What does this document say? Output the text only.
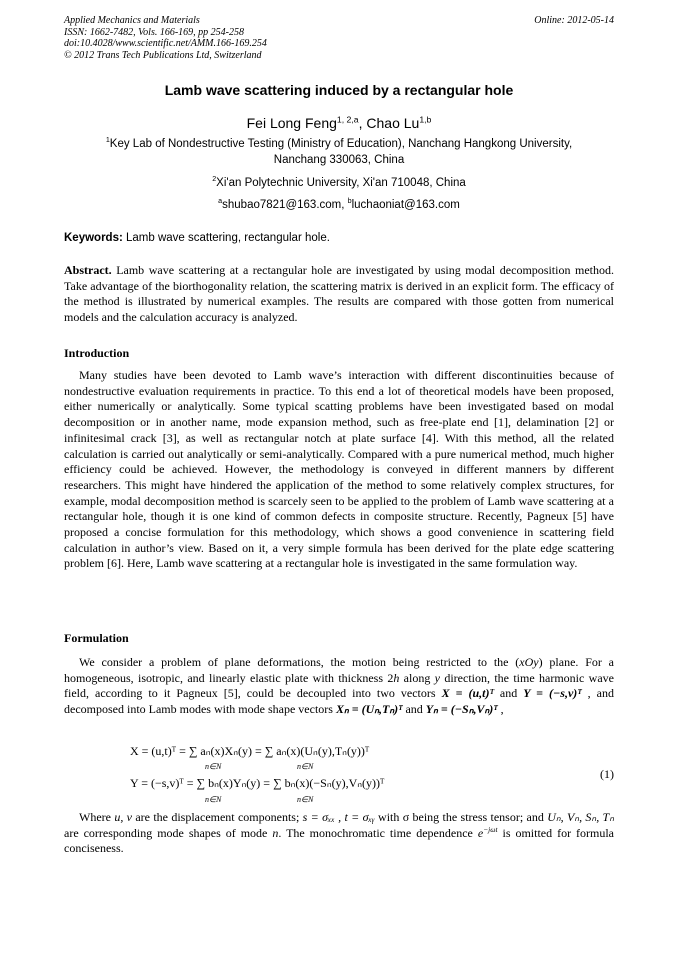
Applied Mechanics and Materials
ISSN: 1662-7482, Vols. 166-169, pp 254-258
doi:10.4028/www.scientific.net/AMM.166-169.254
© 2012 Trans Tech Publications Ltd, Switzerland
Online: 2012-05-14
Lamb wave scattering induced by a rectangular hole
Fei Long Feng$^{1, 2,a}$, Chao Lu$^{1,b}$
$^1$Key Lab of Nondestructive Testing (Ministry of Education), Nanchang Hangkong University,
Nanchang 330063, China
$^2$Xi'an Polytechnic University, Xi'an 710048, China
$^a$shubao7821@163.com, $^b$luchaoniat@163.com
Keywords: Lamb wave scattering, rectangular hole.
Abstract. Lamb wave scattering at a rectangular hole are investigated by using modal decomposition method. Take advantage of the biorthogonality relation, the scattering matrix is derived in an explicit form. The efficacy of the method is illustrated by numerical examples. The results are compared with those gotten from numerical models and the calculation accuracy is analyzed.
Introduction
Many studies have been devoted to Lamb wave’s interaction with different discontinuities because of nondestructive evaluation requirements in practice. To this end a lot of theoretical models have been proposed, either numerically or analytically. Some typical scatting problems have been investigated based on modal decomposition or in another name, mode expansion method, such as free-plate end [1], delamination [2] or infinitesimal crack [3], as well as rectangular notch at plate surface [4]. With this method, all the related calculation is carried out analytically or semi-analytically. Compared with a pure numerical method, much higher efficiency could be achieved. However, the methodology is conveyed in different manners by different researchers. This might have hindered the application of the method to some relatively complex structures, for example, modal decomposition method is scarcely seen to be applied to the problem of Lamb wave scattering at a rectangular hole, though it is one kind of common defects in composite structure. Recently, Pagneux [5] have proposed a concise formulation for this methodology, which shows a good convenience in scattering field calculation in author’s view. Based on it, a very simple formula has been derived for the plate edge scattering problem [6]. Here, Lamb wave scattering at a rectangular hole is investigated in the same formulation way.
Formulation
We consider a problem of plane deformations, the motion being restricted to the (xOy) plane. For a homogeneous, isotropic, and linearly elastic plate with thickness 2h along y direction, the time harmonic wave field, according to it Pagneux [5], could be decoupled into two vectors X = (u,t)ᵀ and Y = (−s,v)ᵀ , and decomposed into Lamb modes with mode shape vectors Xₙ = (Uₙ,Tₙ)ᵀ and Yₙ = (−Sₙ,Vₙ)ᵀ ,
X = (u,t)ᵀ = ∑ aₙ(x)Xₙ(y) = ∑ aₙ(x)(Uₙ(y),Tₙ(y))ᵀ
Y = (−s,v)ᵀ = ∑ bₙ(x)Yₙ(y) = ∑ bₙ(x)(−Sₙ(y),Vₙ(y))ᵀ
n∈N	n∈N
n∈N	n∈N
(1)
Where u, v are the displacement components; s = σₓₓ , t = σₓᵧ with σ being the stress tensor; and Uₙ, Vₙ, Sₙ, Tₙ are corresponding mode shapes of mode n. The monochromatic time dependence $e^{-j\omega t}$ is omitted for formula conciseness.
